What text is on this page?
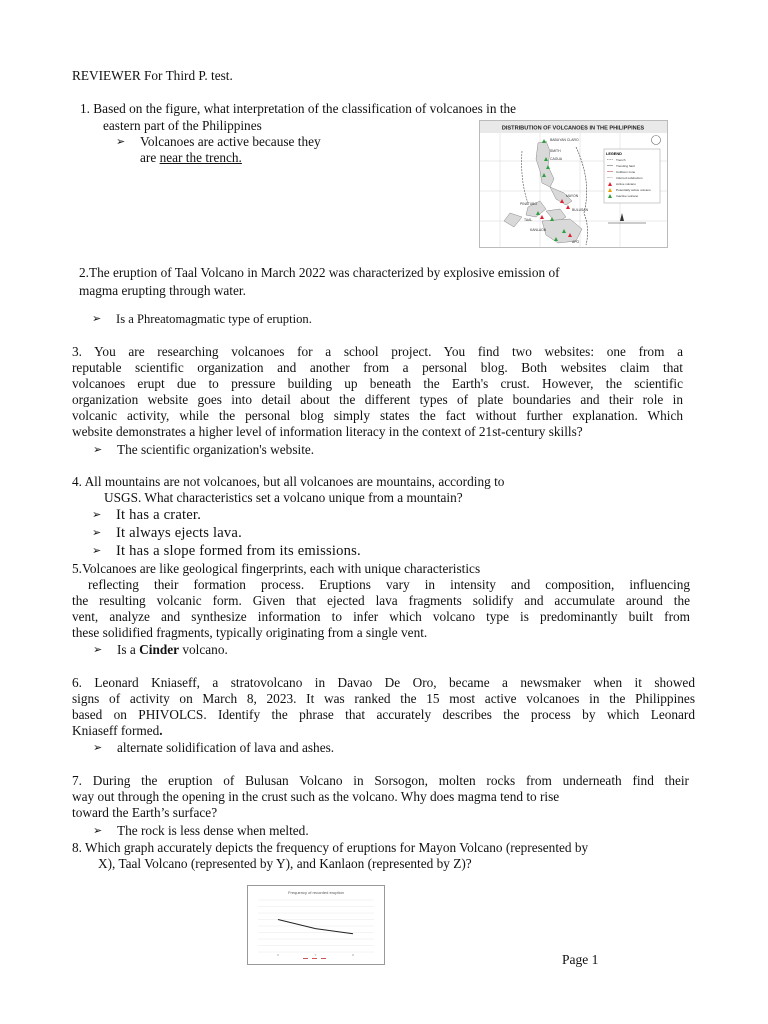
REVIEWER For Third P. test.
1. Based on the figure, what interpretation of the classification of volcanoes in the
eastern part of the Philippines
➢ Volcanoes are active because they
are near the trench.
DISTRIBUTION OF VOLCANOES IN THE PHILIPPINES
BABUYAN CLARO
SMITH
CAGUA
PINATUBO
TAAL
MAYON
BULUSAN
KANLAON
APO
LEGEND
Trench
Trending fault
Collision zone
Inferred subduction
Active volcano
Potentially active volcano
Inactive volcano
2.The eruption of Taal Volcano in March 2022 was characterized by explosive emission of
magma erupting through water.
➢ Is a Phreatomagmatic type of eruption.
3. You are researching volcanoes for a school project. You find two websites: one from a
reputable scientific organization and another from a personal blog. Both websites claim that
volcanoes erupt due to pressure building up beneath the Earth's crust. However, the scientific
organization website goes into detail about the different types of plate boundaries and their role in
volcanic activity, while the personal blog simply states the fact without further explanation. Which
website demonstrates a higher level of information literacy in the context of 21st-century skills?
➢ The scientific organization's website.
4. All mountains are not volcanoes, but all volcanoes are mountains, according to
USGS. What characteristics set a volcano unique from a mountain?
➢ It has a crater.
➢ It always ejects lava.
➢ It has a slope formed from its emissions.
5.Volcanoes are like geological fingerprints, each with unique characteristics
reflecting their formation process. Eruptions vary in intensity and composition, influencing
the resulting volcanic form. Given that ejected lava fragments solidify and accumulate around the
vent, analyze and synthesize information to infer which volcano type is predominantly built from
these solidified fragments, typically originating from a single vent.
➢ Is a Cinder volcano.
6. Leonard Kniaseff, a stratovolcano in Davao De Oro, became a newsmaker when it showed
signs of activity on March 8, 2023. It was ranked the 15 most active volcanoes in the Philippines
based on PHIVOLCS. Identify the phrase that accurately describes the process by which Leonard
Kniaseff formed.
➢ alternate solidification of lava and ashes.
7. During the eruption of Bulusan Volcano in Sorsogon, molten rocks from underneath find their
way out through the opening in the crust such as the volcano. Why does magma tend to rise
toward the Earth’s surface?
➢ The rock is less dense when melted.
8. Which graph accurately depicts the frequency of eruptions for Mayon Volcano (represented by
X), Taal Volcano (represented by Y), and Kanlaon (represented by Z)?
Frequency of recorded eruption
X	Y	Z	Page 1
